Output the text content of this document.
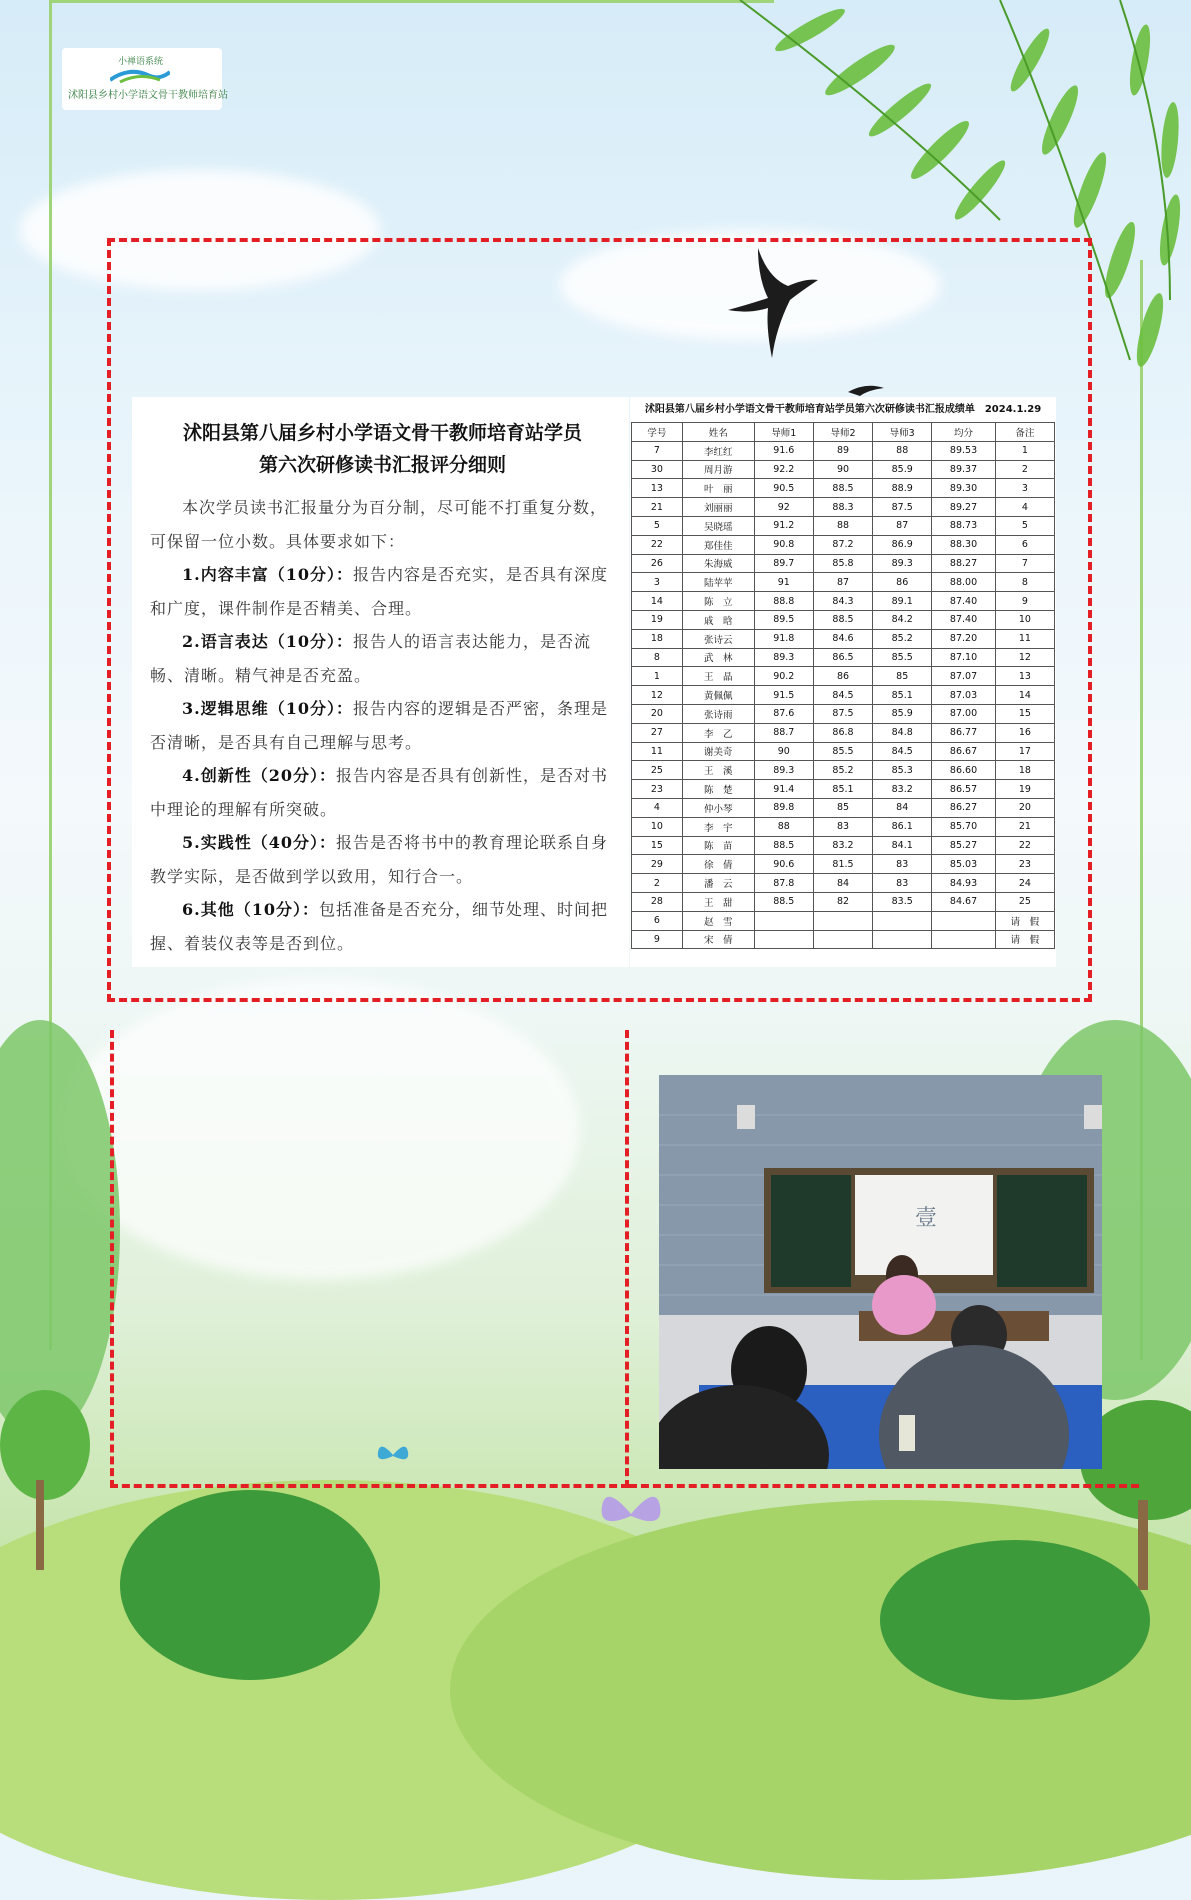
小禅语系统
沭阳县乡村小学语文骨干教师培育站

沭阳县第八届乡村小学语文骨干教师培育站学员

第六次研修读书汇报评分细则

本次学员读书汇报量分为百分制，尽可能不打重复分数，可保留一位小数。具体要求如下：

1.内容丰富（10分）：报告内容是否充实，是否具有深度和广度，课件制作是否精美、合理。

2.语言表达（10分）：报告人的语言表达能力，是否流畅、清晰。精气神是否充盈。

3.逻辑思维（10分）：报告内容的逻辑是否严密，条理是否清晰，是否具有自己理解与思考。

4.创新性（20分）：报告内容是否具有创新性，是否对书中理论的理解有所突破。

5.实践性（40分）：报告是否将书中的教育理论联系自身教学实际，是否做到学以致用，知行合一。

6.其他（10分）：包括准备是否充分，细节处理、时间把握、着装仪表等是否到位。

沭阳县第八届乡村小学语文骨干教师培育站学员第六次研修读书汇报成绩单　2024.1.29
学号	姓名	导师1	导师2	导师3	均分	备注
7	李红红	91.6	89	88	89.53	1
30	周月游	92.2	90	85.9	89.37	2
13	叶　丽	90.5	88.5	88.9	89.30	3
21	刘丽丽	92	88.3	87.5	89.27	4
5	吴晓瑶	91.2	88	87	88.73	5
22	郑佳佳	90.8	87.2	86.9	88.30	6
26	朱海威	89.7	85.8	89.3	88.27	7
3	陆苹苹	91	87	86	88.00	8
14	陈　立	88.8	84.3	89.1	87.40	9
19	戚　晗	89.5	88.5	84.2	87.40	10
18	张诗云	91.8	84.6	85.2	87.20	11
8	武　林	89.3	86.5	85.5	87.10	12
1	王　晶	90.2	86	85	87.07	13
12	黄佩佩	91.5	84.5	85.1	87.03	14
20	张诗雨	87.6	87.5	85.9	87.00	15
27	李　乙	88.7	86.8	84.8	86.77	16
11	谢美奇	90	85.5	84.5	86.67	17
25	王　溪	89.3	85.2	85.3	86.60	18
23	陈　楚	91.4	85.1	83.2	86.57	19
4	仲小琴	89.8	85	84	86.27	20
10	李　宇	88	83	86.1	85.70	21
15	陈　苗	88.5	83.2	84.1	85.27	22
29	徐　倩	90.6	81.5	83	85.03	23
2	潘　云	87.8	84	83	84.93	24
28	王　甜	88.5	82	83.5	84.67	25
6	赵　雪					请　假
9	宋　倩					请　假
壹
